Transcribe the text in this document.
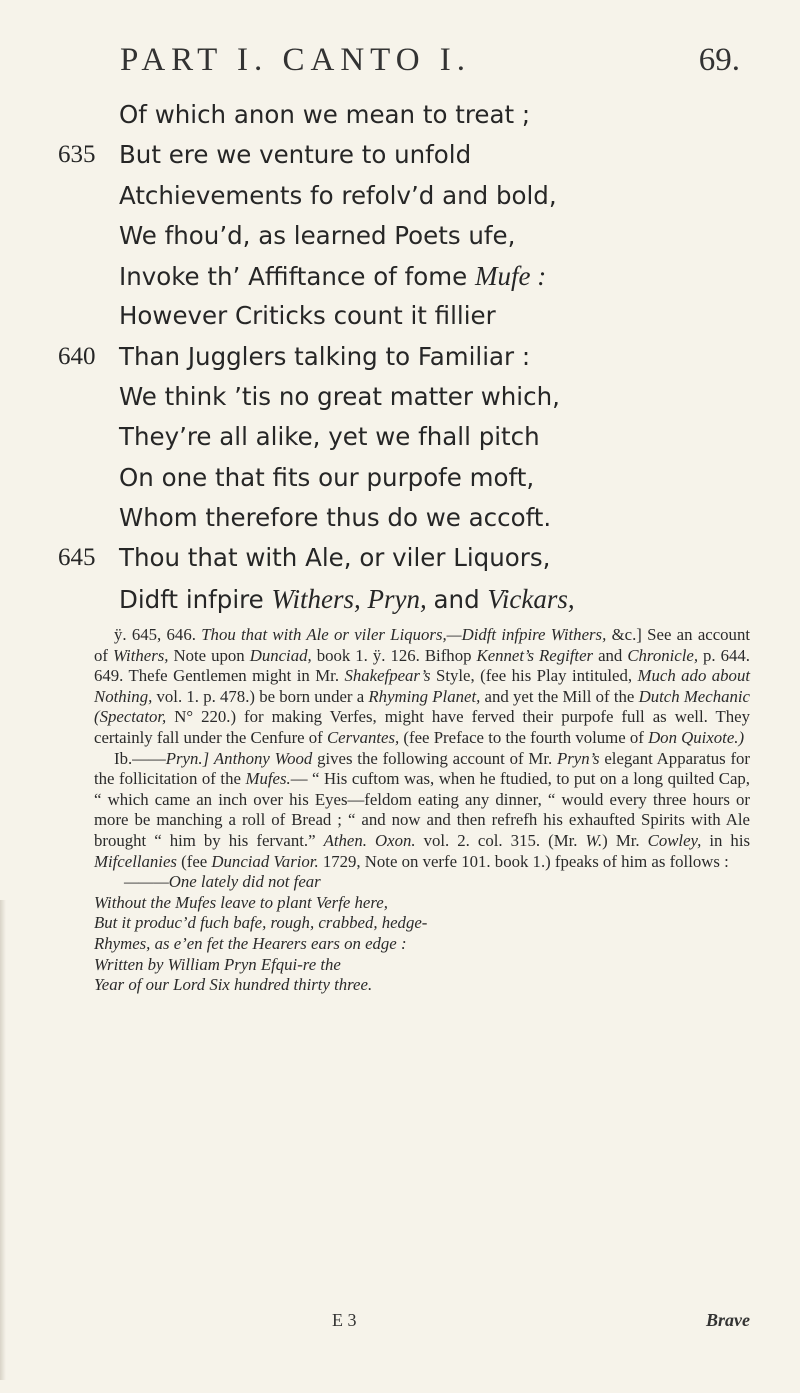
PART I. CANTO I.	69.
Of which anon we mean to treat ;
635 But ere we venture to unfold
Atchievements fo refolv’d and bold,
We fhou’d, as learned Poets ufe,
Invoke th’ Affiftance of fome Mufe :
However Criticks count it fillier
640 Than Jugglers talking to Familiar :
We think ’tis no great matter which,
They’re all alike, yet we fhall pitch
On one that fits our purpofe moft,
Whom therefore thus do we accoft.
645 Thou that with Ale, or viler Liquors,
Didft infpire Withers, Pryn, and Vickars,

ÿ. 645, 646. Thou that with Ale or viler Liquors,—Didft infpire Withers, &c.] See an account of Withers, Note upon Dunciad, book 1. ÿ. 126. Bifhop Kennet’s Regifter and Chronicle, p. 644. 649. Thefe Gentlemen might in Mr. Shakefpear’s Style, (fee his Play intituled, Much ado about Nothing, vol. 1. p. 478.) be born under a Rhyming Planet, and yet the Mill of the Dutch Mechanic (Spectator, N° 220.) for making Verfes, might have ferved their purpofe full as well. They certainly fall under the Cenfure of Cervantes, (fee Preface to the fourth volume of Don Quixote.)

Ib.——Pryn.] Anthony Wood gives the following account of Mr. Pryn’s elegant Apparatus for the follicitation of the Mufes.— “ His cuftom was, when he ftudied, to put on a long quilted Cap, “ which came an inch over his Eyes—feldom eating any dinner, “ would every three hours or more be manching a roll of Bread ; “ and now and then refrefh his exhaufted Spirits with Ale brought “ him by his fervant.” Athen. Oxon. vol. 2. col. 315. (Mr. W.) Mr. Cowley, in his Mifcellanies (fee Dunciad Varior. 1729, Note on verfe 101. book 1.) fpeaks of him as follows :

———One lately did not fear
Without the Mufes leave to plant Verfe here,
But it produc’d fuch bafe, rough, crabbed, hedge-
Rhymes, as e’en fet the Hearers ears on edge :
Written by William Pryn Efqui-re the
Year of our Lord Six hundred thirty three.
E 3	Brave
